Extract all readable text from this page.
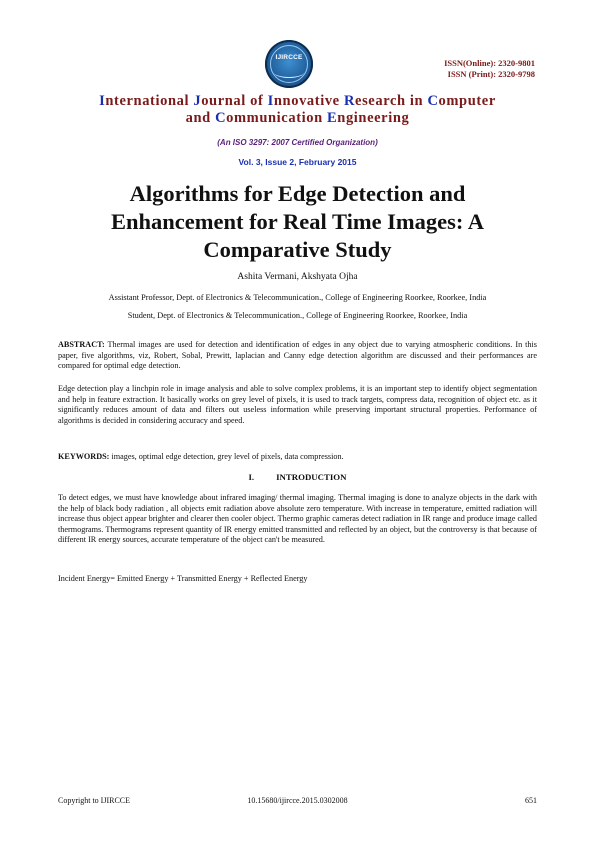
IJIRCCE
ISSN(Online): 2320-9801
ISSN (Print): 2320-9798
International Journal of Innovative Research in Computer
and Communication Engineering
(An ISO 3297: 2007 Certified Organization)
Vol. 3, Issue 2, February 2015
Algorithms for Edge Detection and
Enhancement for Real Time Images: A
Comparative Study
Ashita Vermani, Akshyata Ojha
Assistant Professor, Dept. of Electronics & Telecommunication., College of Engineering Roorkee, Roorkee, India
Student, Dept. of Electronics & Telecommunication., College of Engineering Roorkee, Roorkee, India
ABSTRACT: Thermal images are used for detection and identification of edges in any object due to varying atmospheric conditions. In this paper, five algorithms, viz, Robert, Sobal, Prewitt, laplacian and Canny edge detection algorithm are discussed and their performances are compared for optimal edge detection.
Edge detection play a linchpin role in image analysis and able to solve complex problems, it is an important step to identify object segmentation and help in feature extraction. It basically works on grey level of pixels, it is used to track targets, compress data, recognition of object etc. as it significantly reduces amount of data and filters out useless information while preserving important structural properties. Performance of algorithms is decided in considering accuracy and speed.
KEYWORDS: images, optimal edge detection, grey level of pixels, data compression.
I.	INTRODUCTION
To detect edges, we must have knowledge about infrared imaging/ thermal imaging. Thermal imaging is done to analyze objects in the dark with the help of black body radiation , all objects emit radiation above absolute zero temperature. With increase in temperature, emitted radiation will increase thus object appear brighter and clearer then cooler object. Thermo graphic cameras detect radiation in IR range and produce image called thermograms. Thermograms represent quantity of IR energy emitted transmitted and reflected by an object, but the controversy is that because of different IR energy sources, accurate temperature of the object can't be measured.
Incident Energy= Emitted Energy + Transmitted Energy + Reflected Energy
Copyright to IJIRCCE	10.15680/ijircce.2015.0302008	651
